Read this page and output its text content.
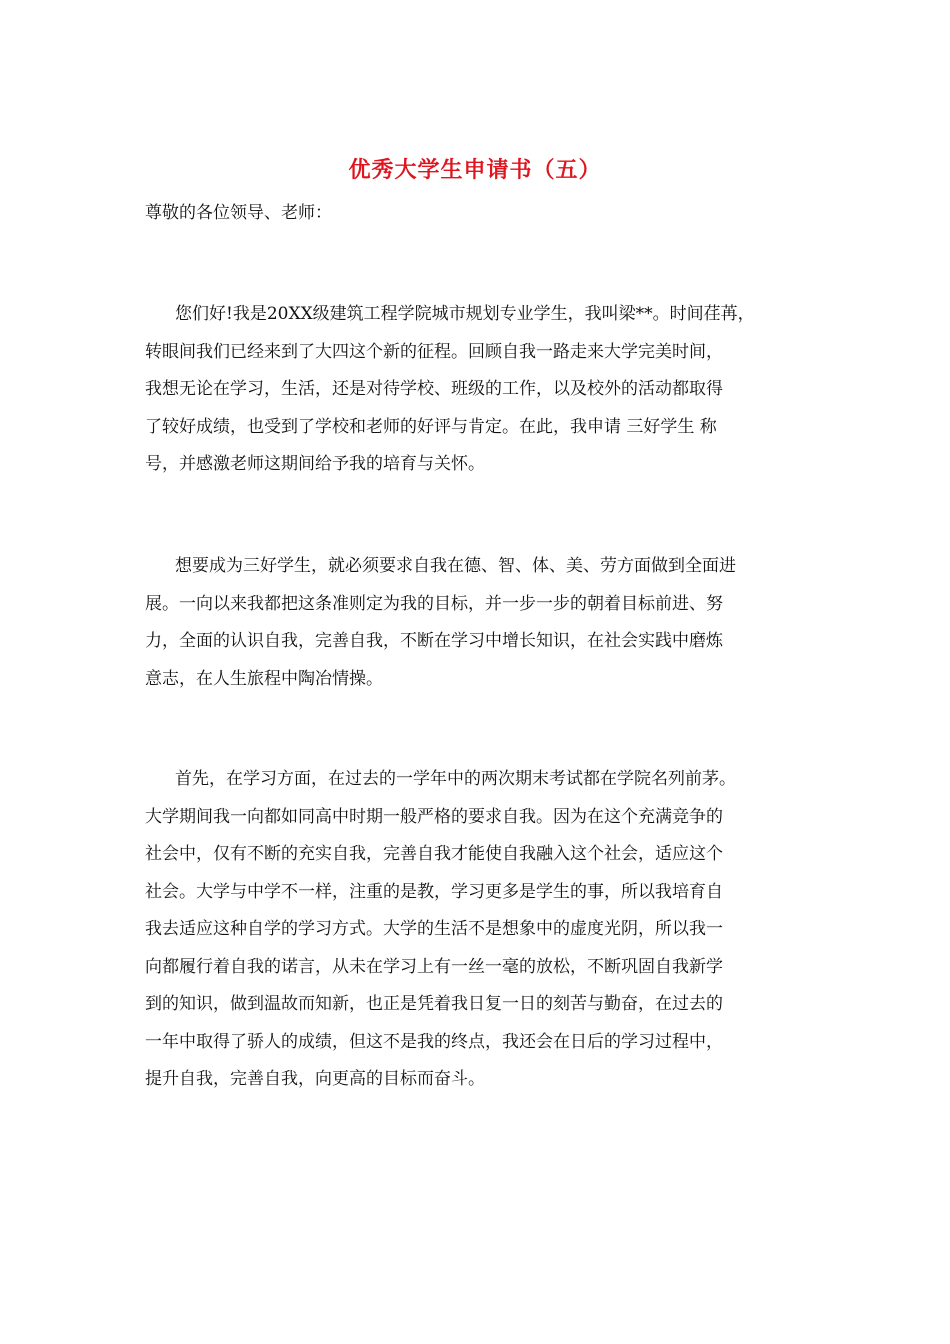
优秀大学生申请书（五）
尊敬的各位领导、老师：
您们好!我是20XX级建筑工程学院城市规划专业学生，我叫梁**。时间荏苒，
转眼间我们已经来到了大四这个新的征程。回顾自我一路走来大学完美时间，
我想无论在学习，生活，还是对待学校、班级的工作，以及校外的活动都取得
了较好成绩，也受到了学校和老师的好评与肯定。在此，我申请 三好学生 称
号，并感激老师这期间给予我的培育与关怀。
想要成为三好学生，就必须要求自我在德、智、体、美、劳方面做到全面进
展。一向以来我都把这条准则定为我的目标，并一步一步的朝着目标前进、努
力，全面的认识自我，完善自我，不断在学习中增长知识，在社会实践中磨炼
意志，在人生旅程中陶冶情操。
首先，在学习方面，在过去的一学年中的两次期末考试都在学院名列前茅。
大学期间我一向都如同高中时期一般严格的要求自我。因为在这个充满竞争的
社会中，仅有不断的充实自我，完善自我才能使自我融入这个社会，适应这个
社会。大学与中学不一样，注重的是教，学习更多是学生的事，所以我培育自
我去适应这种自学的学习方式。大学的生活不是想象中的虚度光阴，所以我一
向都履行着自我的诺言，从未在学习上有一丝一毫的放松，不断巩固自我新学
到的知识，做到温故而知新，也正是凭着我日复一日的刻苦与勤奋，在过去的
一年中取得了骄人的成绩，但这不是我的终点，我还会在日后的学习过程中，
提升自我，完善自我，向更高的目标而奋斗。
